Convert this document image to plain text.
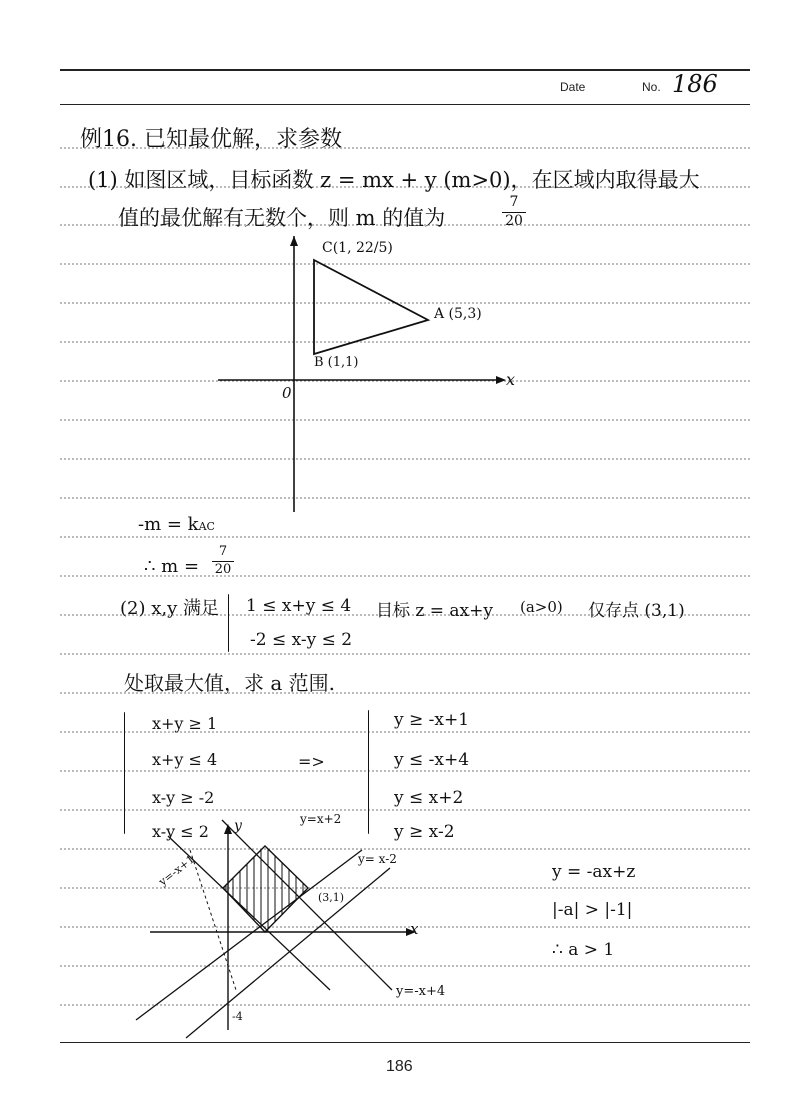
Date	No. 186
例16. 已知最优解，求参数
(1) 如图区域，目标函数 z = mx + y (m>0)，在区域内取得最大
值的最优解有无数个，则 m 的值为
7
20
C(1, 22/5)
A (5,3)
B (1,1)
0
x
-m = kAC
∴ m =
7
20
(2) x,y 满足 1 ≤ x+y ≤ 4
-2 ≤ x-y ≤ 2
目标 z = ax+y (a>0) 仅存点 (3,1)
处取最大值，求 a 范围.
x+y ≥ 1
x+y ≤ 4
x-y ≥ -2
x-y ≤ 2
=>
y ≥ -x+1
y ≤ -x+4
y ≤ x+2
y ≥ x-2
y=x+2
y= x-2
y=-x+1
y=-x+4
(3,1)
x
y
-4
y = -ax+z
|-a| > |-1|
∴ a > 1
186
